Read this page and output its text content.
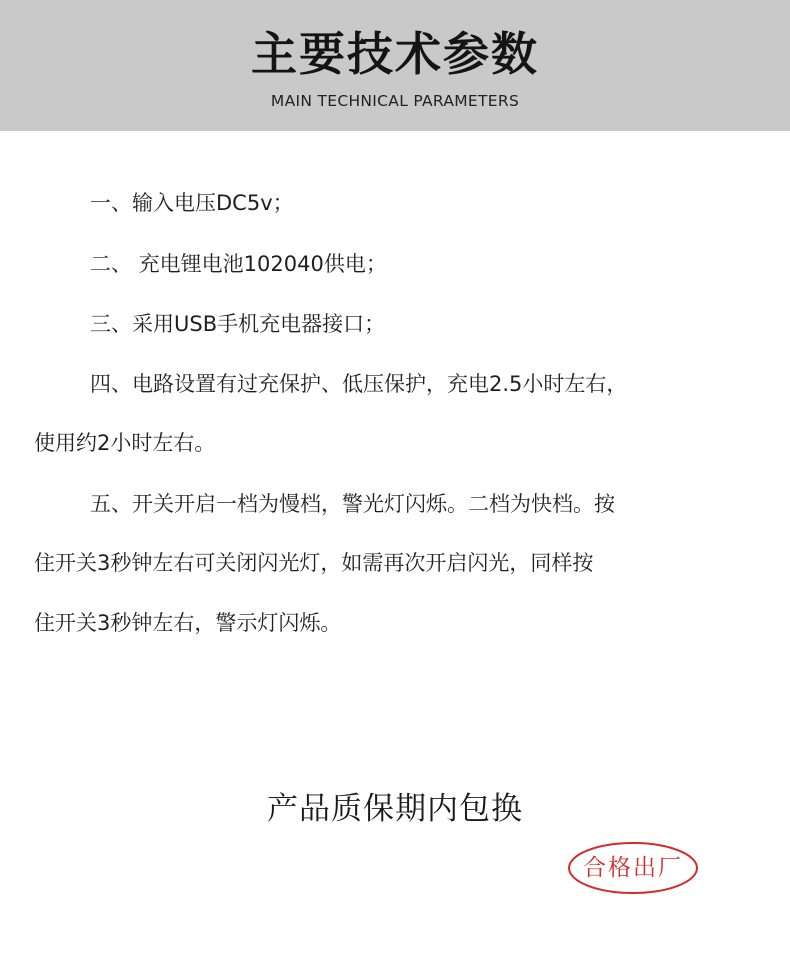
主要技术参数
MAIN TECHNICAL PARAMETERS
一、输入电压DC5v；
二、 充电锂电池102040供电；
三、采用USB手机充电器接口；
四、电路设置有过充保护、低压保护，充电2.5小时左右，
使用约2小时左右。
五、开关开启一档为慢档，警光灯闪烁。二档为快档。按
住开关3秒钟左右可关闭闪光灯，如需再次开启闪光，同样按
住开关3秒钟左右，警示灯闪烁。
产品质保期内包换
合格出厂
